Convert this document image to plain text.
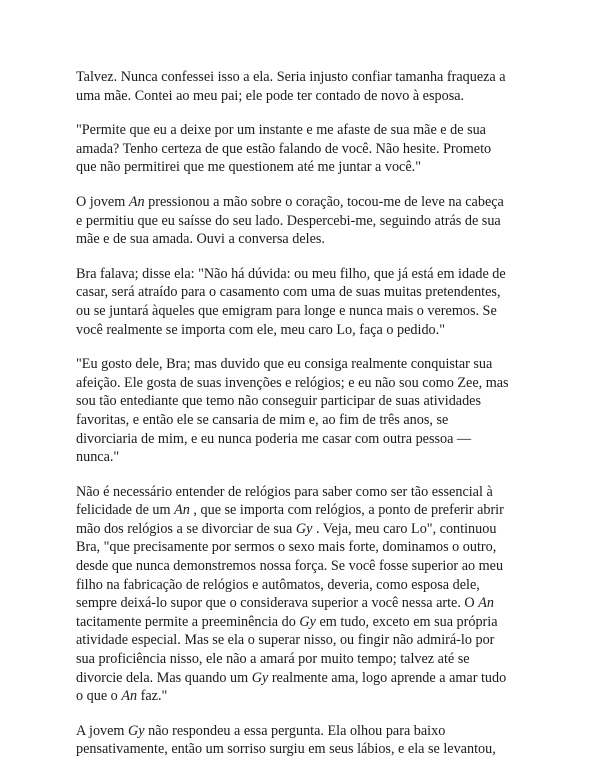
Talvez. Nunca confessei isso a ela. Seria injusto confiar tamanha fraqueza a
uma mãe. Contei ao meu pai; ele pode ter contado de novo à esposa.

"Permite que eu a deixe por um instante e me afaste de sua mãe e de sua
amada? Tenho certeza de que estão falando de você. Não hesite. Prometo
que não permitirei que me questionem até me juntar a você."

O jovem An pressionou a mão sobre o coração, tocou-me de leve na cabeça
e permitiu que eu saísse do seu lado. Despercebi-me, seguindo atrás de sua
mãe e de sua amada. Ouvi a conversa deles.

Bra falava; disse ela: "Não há dúvida: ou meu filho, que já está em idade de
casar, será atraído para o casamento com uma de suas muitas pretendentes,
ou se juntará àqueles que emigram para longe e nunca mais o veremos. Se
você realmente se importa com ele, meu caro Lo, faça o pedido."

"Eu gosto dele, Bra; mas duvido que eu consiga realmente conquistar sua
afeição. Ele gosta de suas invenções e relógios; e eu não sou como Zee, mas
sou tão entediante que temo não conseguir participar de suas atividades
favoritas, e então ele se cansaria de mim e, ao fim de três anos, se
divorciaria de mim, e eu nunca poderia me casar com outra pessoa —
nunca."

Não é necessário entender de relógios para saber como ser tão essencial à
felicidade de um An , que se importa com relógios, a ponto de preferir abrir
mão dos relógios a se divorciar de sua Gy . Veja, meu caro Lo", continuou
Bra, "que precisamente por sermos o sexo mais forte, dominamos o outro,
desde que nunca demonstremos nossa força. Se você fosse superior ao meu
filho na fabricação de relógios e autômatos, deveria, como esposa dele,
sempre deixá-lo supor que o considerava superior a você nessa arte. O An
tacitamente permite a preeminência do Gy em tudo, exceto em sua própria
atividade especial. Mas se ela o superar nisso, ou fingir não admirá-lo por
sua proficiência nisso, ele não a amará por muito tempo; talvez até se
divorcie dela. Mas quando um Gy realmente ama, logo aprende a amar tudo
o que o An faz."

A jovem Gy não respondeu a essa pergunta. Ela olhou para baixo
pensativamente, então um sorriso surgiu em seus lábios, e ela se levantou,
